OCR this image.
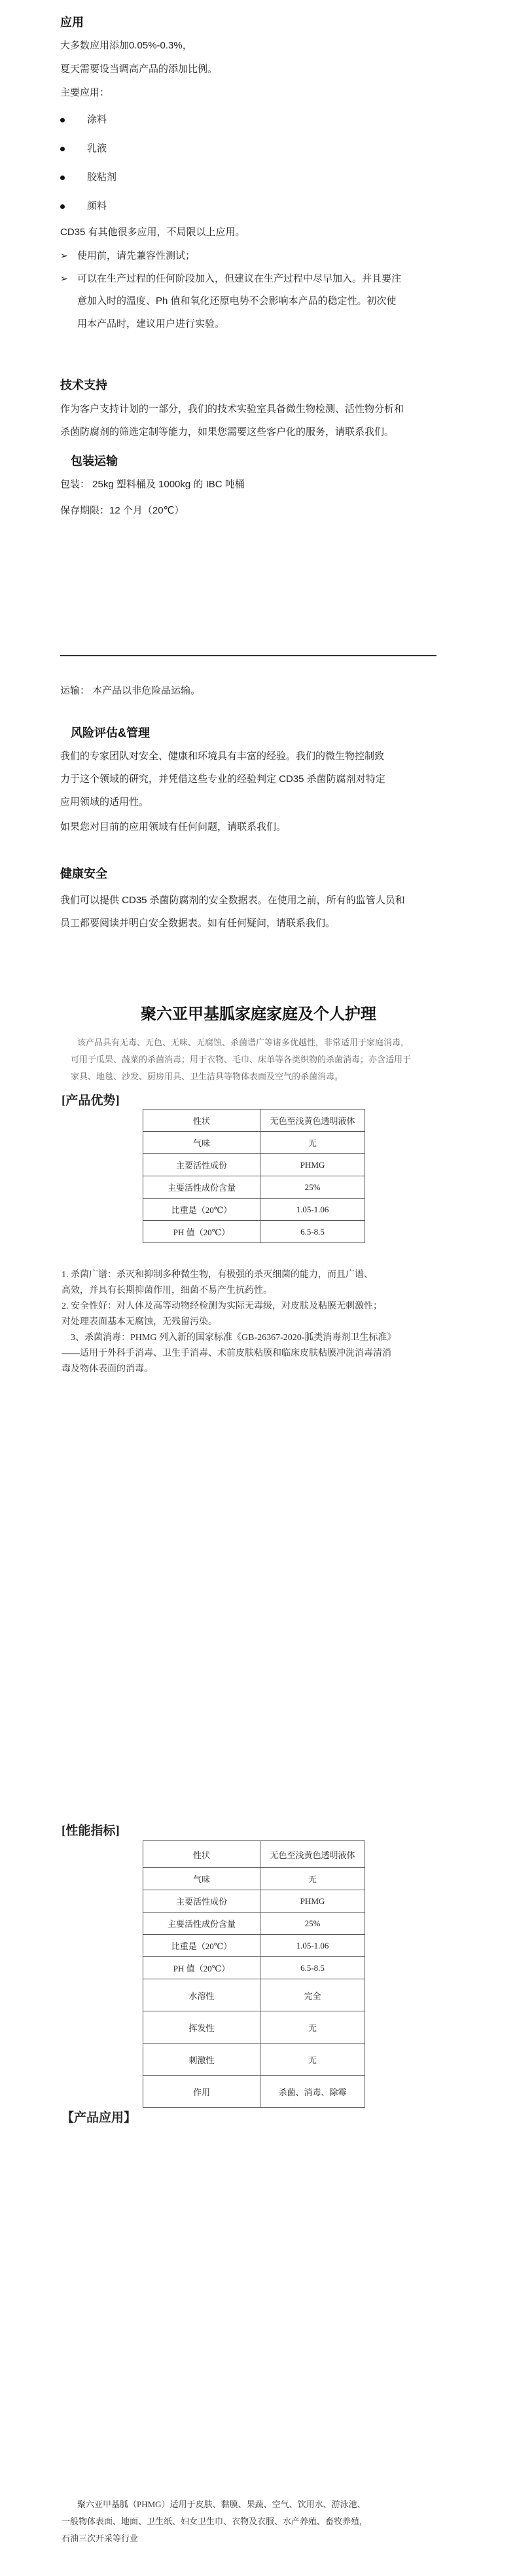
应用
大多数应用添加0.05%-0.3%，
夏天需要设当调高产品的添加比例。
主要应用：
涂料
乳液
胶粘剂
颜料
CD35 有其他很多应用，不局限以上应用。
➢ 使用前，请先兼容性测试；
➢ 可以在生产过程的任何阶段加入，但建议在生产过程中尽早加入。并且要注
意加入时的温度、Ph 值和氧化还原电势不会影响本产品的稳定性。初次使
用本产品时，建议用户进行实验。
技术支持
作为客户支持计划的一部分，我们的技术实验室具备微生物检测、活性物分析和
杀菌防腐剂的筛选定制等能力，如果您需要这些客户化的服务，请联系我们。
包装运输
包装： 25kg 塑料桶及 1000kg 的 IBC 吨桶
保存期限：12 个月（20℃）
运输： 本产品以非危险品运输。
风险评估&管理
我们的专家团队对安全、健康和环境具有丰富的经验。我们的微生物控制致
力于这个领域的研究，并凭借这些专业的经验判定 CD35 杀菌防腐剂对特定
应用领域的适用性。
如果您对目前的应用领域有任何问题，请联系我们。
健康安全
我们可以提供 CD35 杀菌防腐剂的安全数据表。在使用之前，所有的监管人员和
员工都要阅读并明白安全数据表。如有任何疑问，请联系我们。
聚六亚甲基胍家庭家庭及个人护理
该产品具有无毒、无色、无味、无腐蚀、杀菌谱广等诸多优越性，非常适用于家庭消毒，
可用于瓜果、蔬菜的杀菌消毒；用于衣物、毛巾、床单等各类织物的杀菌消毒；亦含适用于
家具、地毯、沙发、厨房用具、卫生洁具等物体表面及空气的杀菌消毒。
[产品优势]
性状	无色至浅黄色透明液体
气味	无
主要活性成份	PHMG
主要活性成份含量	25%
比重是（20℃）	1.05-1.06
PH 值（20℃）	6.5-8.5
1. 杀菌广谱：杀灭和抑制多种微生物，有极强的杀灭细菌的能力，而且广谱、
高效，并具有长期抑菌作用，细菌不易产生抗药性。
2. 安全性好：对人体及高等动物经检测为实际无毒级，对皮肤及粘膜无刺激性；
对处理表面基本无腐蚀，无残留污染。
3、杀菌消毒：PHMG 列入新的国家标准《GB-26367-2020-胍类消毒剂卫生标准》
——适用于外科手消毒、卫生手消毒、术前皮肤粘膜和临床皮肤粘膜冲洗消毒清消
毒及物体表面的消毒。
[性能指标]
性状	无色至浅黄色透明液体
气味	无
主要活性成份	PHMG
主要活性成份含量	25%
比重是（20℃）	1.05-1.06
PH 值（20℃）	6.5-8.5
水溶性	完全
挥发性	无
刺激性	无
作用	杀菌、消毒、除霉
【产品应用】
聚六亚甲基胍（PHMG）适用于皮肤、黏膜、果蔬、空气、饮用水、游泳池、
一般物体表面、地面、卫生纸、妇女卫生巾、衣物及衣服、水产养殖、畜牧养殖，
石油三次开采等行业
